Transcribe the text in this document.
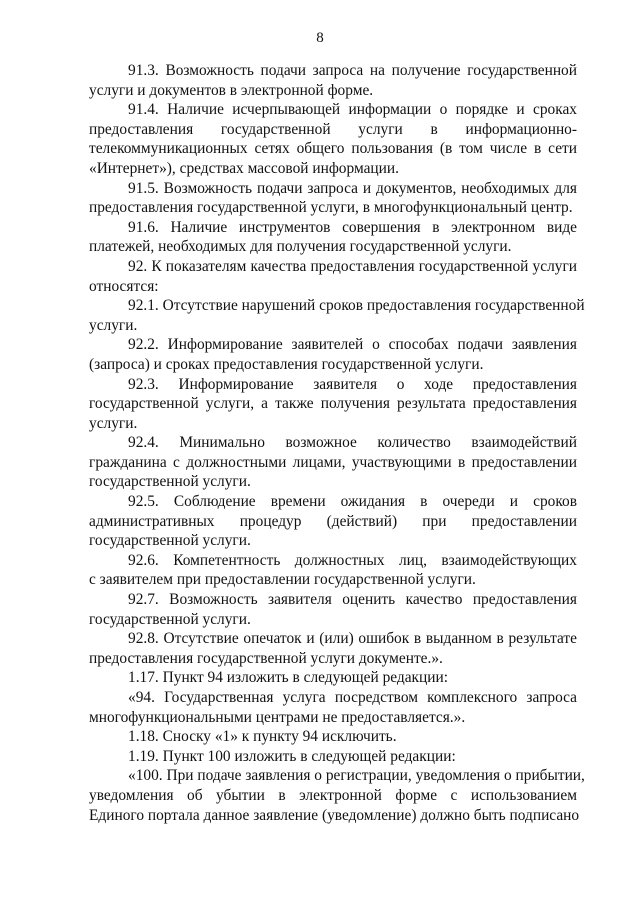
8

91.3. Возможность подачи запроса на получение государственной
услуги и документов в электронной форме.

91.4. Наличие исчерпывающей информации о порядке и сроках
предоставления государственной услуги в информационно-
телекоммуникационных сетях общего пользования (в том числе в сети
«Интернет»), средствах массовой информации.

91.5. Возможность подачи запроса и документов, необходимых для
предоставления государственной услуги, в многофункциональный центр.

91.6. Наличие инструментов совершения в электронном виде
платежей, необходимых для получения государственной услуги.

92. К показателям качества предоставления государственной услуги
относятся:

92.1. Отсутствие нарушений сроков предоставления государственной
услуги.

92.2. Информирование заявителей о способах подачи заявления
(запроса) и сроках предоставления государственной услуги.

92.3. Информирование заявителя о ходе предоставления
государственной услуги, а также получения результата предоставления
услуги.

92.4. Минимально возможное количество взаимодействий
гражданина с должностными лицами, участвующими в предоставлении
государственной услуги.

92.5. Соблюдение времени ожидания в очереди и сроков
административных процедур (действий) при предоставлении
государственной услуги.

92.6. Компетентность должностных лиц, взаимодействующих
с заявителем при предоставлении государственной услуги.

92.7. Возможность заявителя оценить качество предоставления
государственной услуги.

92.8. Отсутствие опечаток и (или) ошибок в выданном в результате
предоставления государственной услуги документе.».

1.17. Пункт 94 изложить в следующей редакции:

«94. Государственная услуга посредством комплексного запроса
многофункциональными центрами не предоставляется.».

1.18. Сноску «1» к пункту 94 исключить.

1.19. Пункт 100 изложить в следующей редакции:

«100. При подаче заявления о регистрации, уведомления о прибытии,
уведомления об убытии в электронной форме с использованием
Единого портала данное заявление (уведомление) должно быть подписано
